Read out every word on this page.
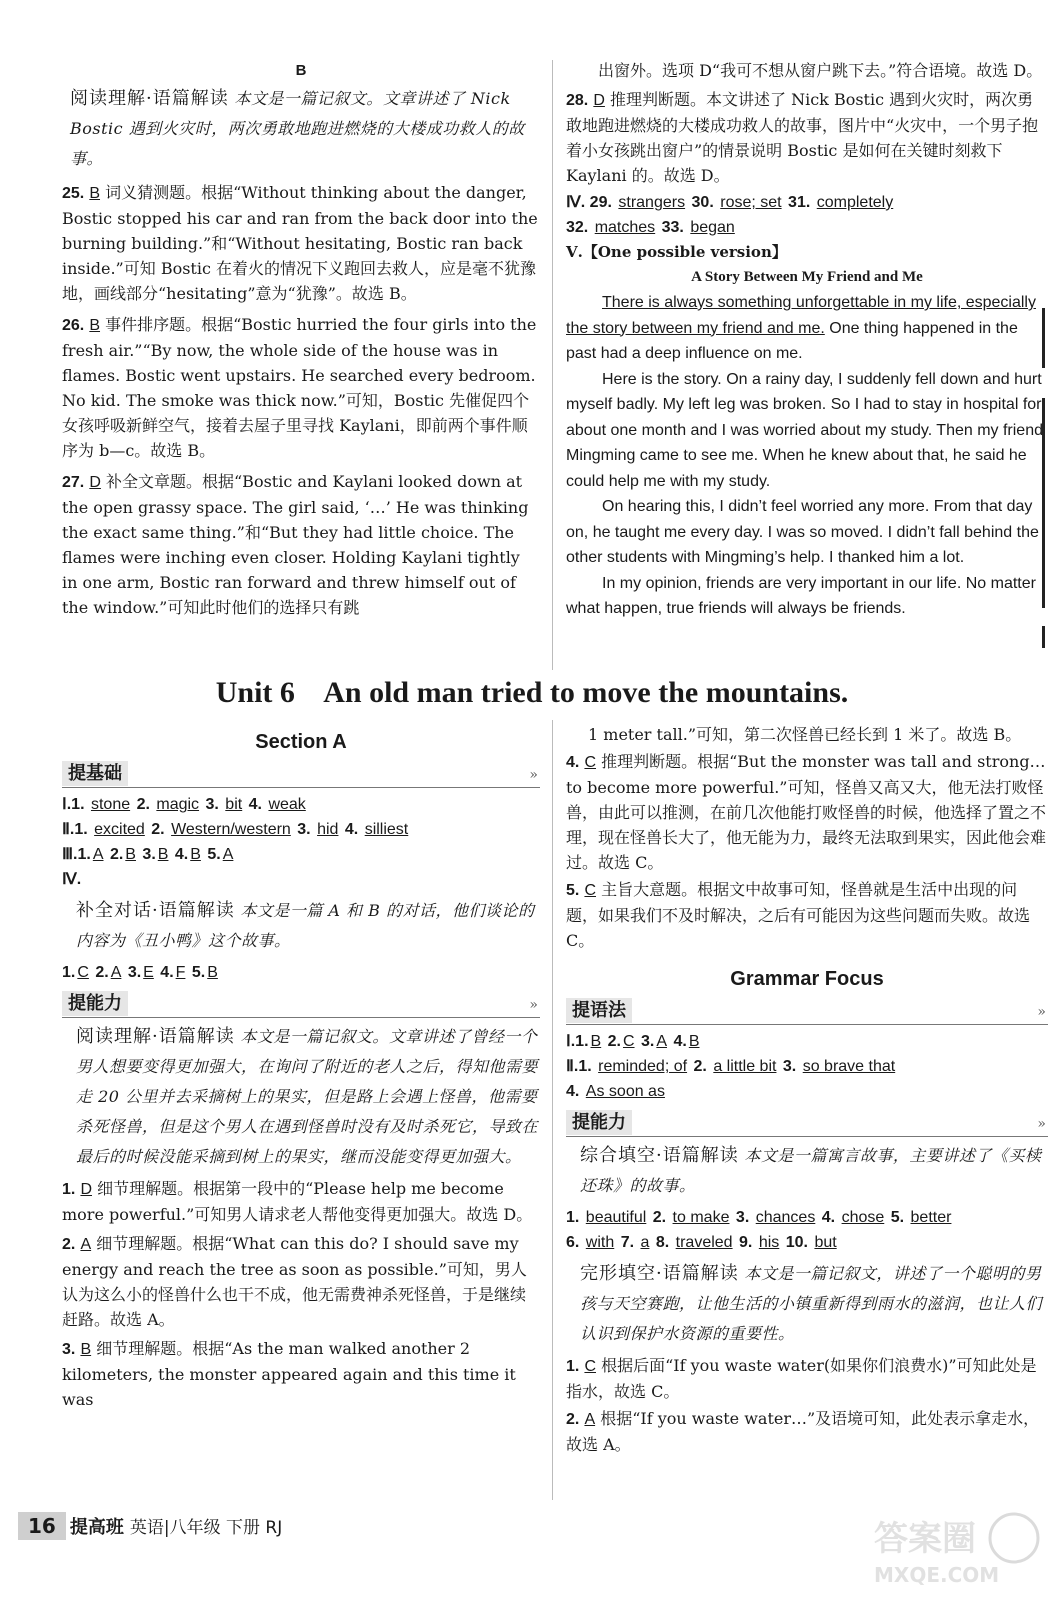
B
阅读理解·语篇解读 本文是一篇记叙文。文章讲述了 Nick Bostic 遇到火灾时，两次勇敢地跑进燃烧的大楼成功救人的故事。
25. B 词义猜测题。根据“Without thinking about the danger, Bostic stopped his car and ran from the back door into the burning building.”和“Without hesitating, Bostic ran back inside.”可知 Bostic 在着火的情况下义跑回去救人，应是毫不犹豫地，画线部分“hesitating”意为“犹豫”。故选 B。
26. B 事件排序题。根据“Bostic hurried the four girls into the fresh air.”“By now, the whole side of the house was in flames. Bostic went upstairs. He searched every bedroom. No kid. The smoke was thick now.”可知，Bostic 先催促四个女孩呼吸新鲜空气，接着去屋子里寻找 Kaylani，即前两个事件顺序为 b—c。故选 B。
27. D 补全文章题。根据“Bostic and Kaylani looked down at the open grassy space. The girl said, ‘…’ He was thinking the exact same thing.”和“But they had little choice. The flames were inching even closer. Holding Kaylani tightly in one arm, Bostic ran forward and threw himself out of the window.”可知此时他们的选择只有跳
出窗外。选项 D“我可不想从窗户跳下去。”符合语境。故选 D。
28. D 推理判断题。本文讲述了 Nick Bostic 遇到火灾时，两次勇敢地跑进燃烧的大楼成功救人的故事，图片中“火灾中，一个男子抱着小女孩跳出窗户”的情景说明 Bostic 是如何在关键时刻救下 Kaylani 的。故选 D。
Ⅳ. 29. strangers 30. rose; set 31. completely
32. matches 33. began
Ⅴ.【One possible version】
A Story Between My Friend and Me
There is always something unforgettable in my life, especially the story between my friend and me. One thing happened in the past had a deep influence on me.
Here is the story. On a rainy day, I suddenly fell down and hurt myself badly. My left leg was broken. So I had to stay in hospital for about one month and I was worried about my study. Then my friend Mingming came to see me. When he knew about that, he said he could help me with my study.
On hearing this, I didn’t feel worried any more. From that day on, he taught me every day. I was so moved. I didn’t fall behind the other students with Mingming’s help. I thanked him a lot.
In my opinion, friends are very important in our life. No matter what happen, true friends will always be friends.
Unit 6    An old man tried to move the mountains.
Section A
提基础	»
Ⅰ.1. stone 2. magic 3. bit 4. weak
Ⅱ.1. excited 2. Western/western 3. hid 4. silliest
Ⅲ.1. A 2. B 3. B 4. B 5. A
Ⅳ.
补全对话·语篇解读 本文是一篇 A 和 B 的对话，他们谈论的内容为《丑小鸭》这个故事。
1. C 2. A 3. E 4. F 5. B
提能力	»
阅读理解·语篇解读 本文是一篇记叙文。文章讲述了曾经一个男人想要变得更加强大，在询问了附近的老人之后，得知他需要走 20 公里并去采摘树上的果实，但是路上会遇上怪兽，他需要杀死怪兽，但是这个男人在遇到怪兽时没有及时杀死它，导致在最后的时候没能采摘到树上的果实，继而没能变得更加强大。
1. D 细节理解题。根据第一段中的“Please help me become more powerful.”可知男人请求老人帮他变得更加强大。故选 D。
2. A 细节理解题。根据“What can this do? I should save my energy and reach the tree as soon as possible.”可知，男人认为这么小的怪兽什么也干不成，他无需费神杀死怪兽，于是继续赶路。故选 A。
3. B 细节理解题。根据“As the man walked another 2 kilometers, the monster appeared again and this time it was
1 meter tall.”可知，第二次怪兽已经长到 1 米了。故选 B。
4. C 推理判断题。根据“But the monster was tall and strong…to become more powerful.”可知，怪兽又高又大，他无法打败怪兽，由此可以推测，在前几次他能打败怪兽的时候，他选择了置之不理，现在怪兽长大了，他无能为力，最终无法取到果实，因此他会难过。故选 C。
5. C 主旨大意题。根据文中故事可知，怪兽就是生活中出现的问题，如果我们不及时解决，之后有可能因为这些问题而失败。故选 C。
Grammar Focus
提语法	»
Ⅰ.1. B 2. C 3. A 4. B
Ⅱ.1. reminded; of 2. a little bit 3. so brave that
4. As soon as
提能力	»
综合填空·语篇解读 本文是一篇寓言故事，主要讲述了《买椟还珠》的故事。
1. beautiful 2. to make 3. chances 4. chose 5. better
6. with 7. a 8. traveled 9. his 10. but
完形填空·语篇解读 本文是一篇记叙文，讲述了一个聪明的男孩与天空赛跑，让他生活的小镇重新得到雨水的滋润，也让人们认识到保护水资源的重要性。
1. C 根据后面“If you waste water(如果你们浪费水)”可知此处是指水，故选 C。
2. A 根据“If you waste water…”及语境可知，此处表示拿走水，故选 A。
16 提高班 英语|八年级 下册 RJ	答案圈
MXQE.COM
